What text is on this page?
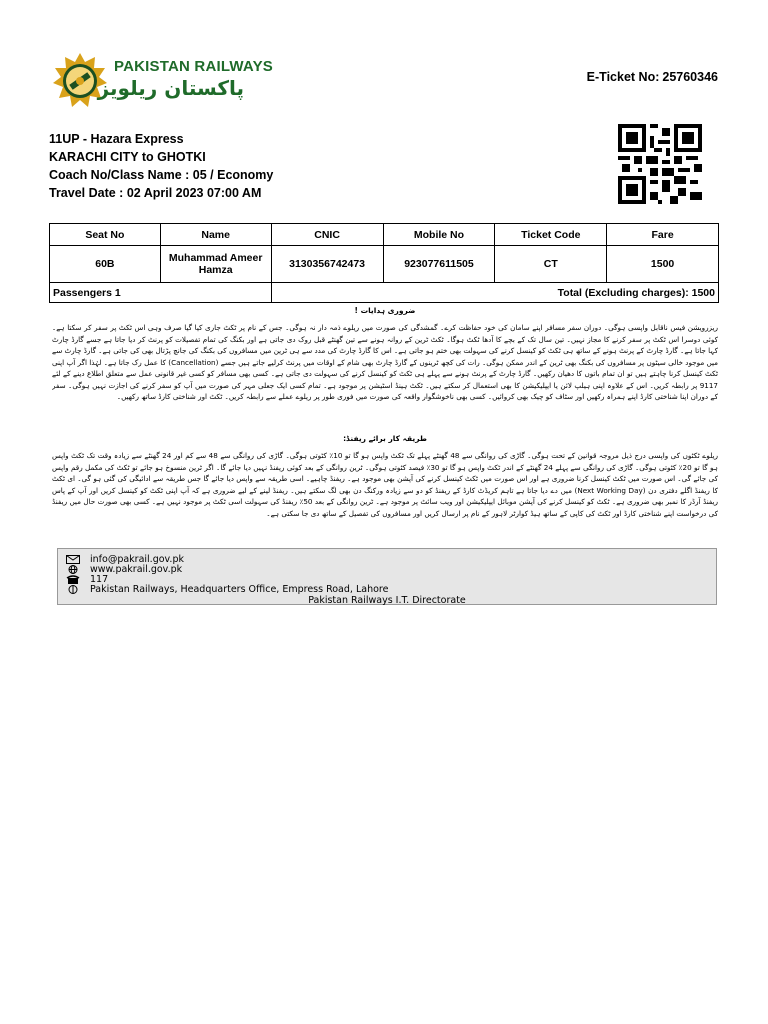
PAKISTAN RAILWAYS
پاکستان ریلویز	E-Ticket No: 25760346
11UP - Hazara Express
KARACHI CITY to GHOTKI
Coach No/Class Name : 05 / Economy
Travel Date : 02 April 2023 07:00 AM
Seat No	Name	CNIC	Mobile No	Ticket Code	Fare
60B	Muhammad Ameer Hamza	3130356742473	923077611505	CT	1500
Passengers 1		Total (Excluding charges): 1500			
ضروری ہدایات !
ریزرویشن فیس ناقابل واپسی ہوگی۔ دوران سفر مسافر اپنے سامان کی خود حفاظت کرے۔ گمشدگی کی صورت میں ریلوے ذمہ دار نہ ہوگی۔ جس کے نام پر ٹکٹ جاری کیا گیا صرف وہی اس ٹکٹ پر سفر کر سکتا ہے۔ کوئی دوسرا اس ٹکٹ پر سفر کرنے کا مجاز نہیں۔ تین سال تک کے بچے کا آدھا ٹکٹ ہوگا۔ ٹکٹ ٹرین کے روانہ ہونے سے تین گھنٹے قبل روک دی جاتی ہے اور بکنگ کی تمام تفصیلات کو پرنٹ کر دیا جاتا ہے جسے گارڈ چارٹ کہا جاتا ہے۔ گارڈ چارٹ کے پرنٹ ہونے کے ساتھ ہی ٹکٹ کو کینسل کرنے کی سہولت بھی ختم ہو جاتی ہے۔ اس کا گارڈ چارٹ کی مدد سے ہی ٹرین میں مسافروں کی بکنگ کی جانچ پڑتال بھی کی جاتی ہے۔ گارڈ چارٹ سے میں موجود خالی سیٹوں پر مسافروں کی بکنگ بھی ٹرین کے اندر ممکن ہوگی۔ رات کی کچھ ٹرینوں کے گارڈ چارٹ بھی شام کے اوقات میں پرنٹ کرلیے جاتے ہیں جسے (Cancellation) کا عمل رک جاتا ہے۔ لہٰذا اگر آپ اپنی ٹکٹ کینسل کرنا چاہتے ہیں تو ان تمام باتوں کا دھیان رکھیں۔ گارڈ چارٹ کے پرنٹ ہونے سے پہلے ہی ٹکٹ کو کینسل کرنے کی سہولت دی جاتی ہے۔ کسی بھی مسافر کو کسی غیر قانونی عمل سے متعلق اطلاع دینے کے لئے 9117 پر رابطہ کریں۔ اس کے علاوہ اپنی ہیلپ لائن یا ایپلیکیشن کا بھی استعمال کر سکتے ہیں۔ ٹکٹ ہینڈ اسٹیشن پر موجود ہے۔ تمام کسی ایک جعلی مہر کی صورت میں آپ کو سفر کرنے کی اجازت نہیں ہوگی۔ سفر کے دوران اپنا شناختی کارڈ اپنے ہمراہ رکھیں اور سٹاف کو چیک بھی کروائیں۔ کسی بھی ناخوشگوار واقعہ کی صورت میں فوری طور پر ریلوے عملے سے رابطہ کریں۔ ٹکٹ اور شناختی کارڈ ساتھ رکھیں۔
طریقہ کار برائے ریفنڈ:
ریلوے ٹکٹوں کی واپسی درج ذیل مروجہ قوانین کے تحت ہوگی۔ گاڑی کی روانگی سے 48 گھنٹے پہلے تک ٹکٹ واپس ہو گا تو 10٪ کٹوتی ہوگی۔ گاڑی کی روانگی سے 48 سے کم اور 24 گھنٹے سے زیادہ وقت تک ٹکٹ واپس ہو گا تو 20٪ کٹوتی ہوگی۔ گاڑی کی روانگی سے پہلے 24 گھنٹے کے اندر ٹکٹ واپس ہو گا تو 30٪ فیصد کٹوتی ہوگی۔ ٹرین روانگی کے بعد کوئی ریفنڈ نہیں دیا جائے گا۔ اگر ٹرین منسوخ ہو جائے تو ٹکٹ کی مکمل رقم واپس کی جائے گی۔ اس صورت میں ٹکٹ کینسل کرنا ضروری ہے اور اس صورت میں ٹکٹ کینسل کرنے کی آپشن بھی موجود ہے۔ ریفنڈ چاہیے۔ اسی طریقہ سے واپس دیا جائے گا جس طریقہ سے ادائیگی کی گئی ہو گی۔ ای ٹکٹ کا ریفنڈ اگلے دفتری دن (Next Working Day) میں دے دیا جاتا ہے تاہم کریڈٹ کارڈ کے ریفنڈ کو دو سے زیادہ ورکنگ دن بھی لگ سکتے ہیں۔ ریفنڈ لینے کے لیے ضروری ہے کہ آپ اپنی ٹکٹ کو کینسل کریں اور آپ کے پاس ریفنڈ آرڈر کا نمبر بھی ضروری ہے۔ ٹکٹ کو کینسل کرنے کی آپشن موبائل ایپلیکیشن اور ویب سائٹ پر موجود ہے۔ ٹرین روانگی کے بعد 50٪ ریفنڈ کی سہولت اسی ٹکٹ پر موجود نہیں ہے۔ کسی بھی صورت حال میں ریفنڈ کی درخواست اپنے شناختی کارڈ اور ٹکٹ کی کاپی کے ساتھ ہیڈ کوارٹر لاہور کے نام پر ارسال کریں اور مسافروں کی تفصیل کے ساتھ دی جا سکتی ہے۔
info@pakrail.gov.pk
www.pakrail.gov.pk
117
Pakistan Railways, Headquarters Office, Empress Road, Lahore
Pakistan Railways I.T. Directorate
